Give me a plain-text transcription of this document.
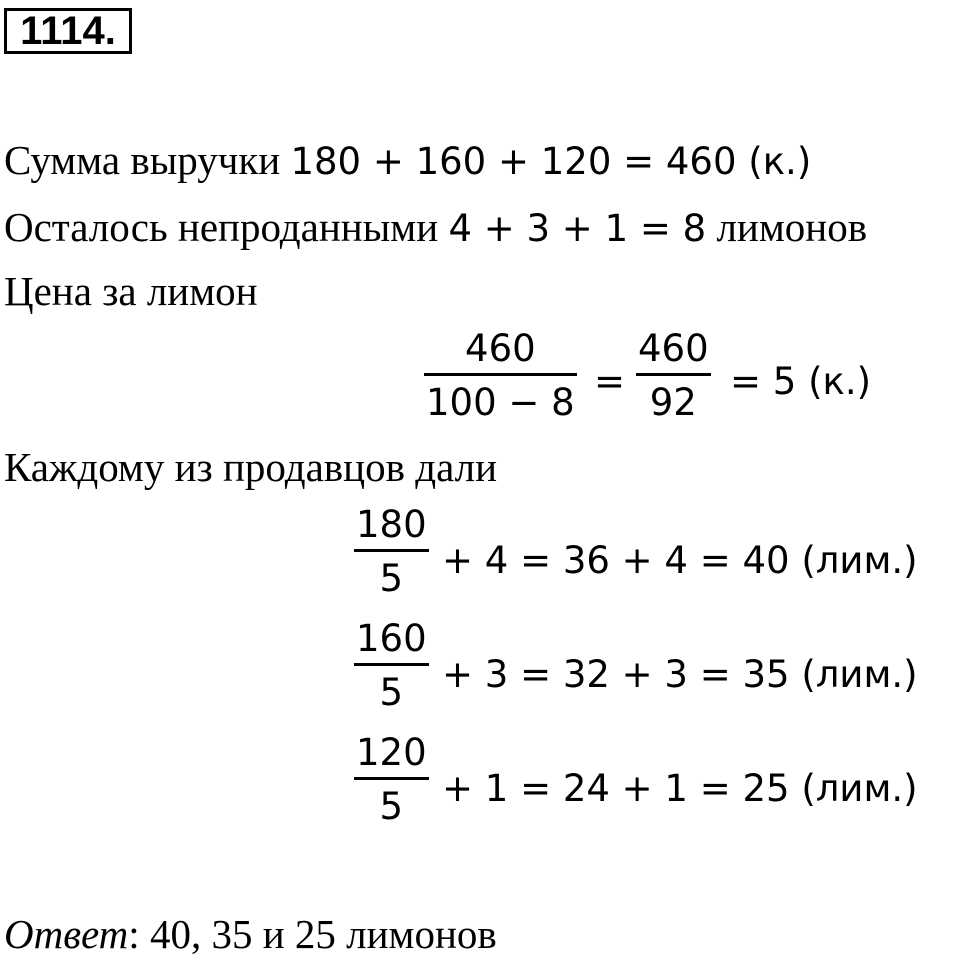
1114.
Сумма выручки 180 + 160 + 120 = 460 (к.)
Осталось непроданными 4 + 3 + 1 = 8 лимонов
Цена за лимон
460
100 − 8 =
460
92 = 5 (к.)
Каждому из продавцов дали
180
5 + 4 = 36 + 4 = 40 (лим.)
160
5 + 3 = 32 + 3 = 35 (лим.)
120
5 + 1 = 24 + 1 = 25 (лим.)
Ответ: 40, 35 и 25 лимонов
